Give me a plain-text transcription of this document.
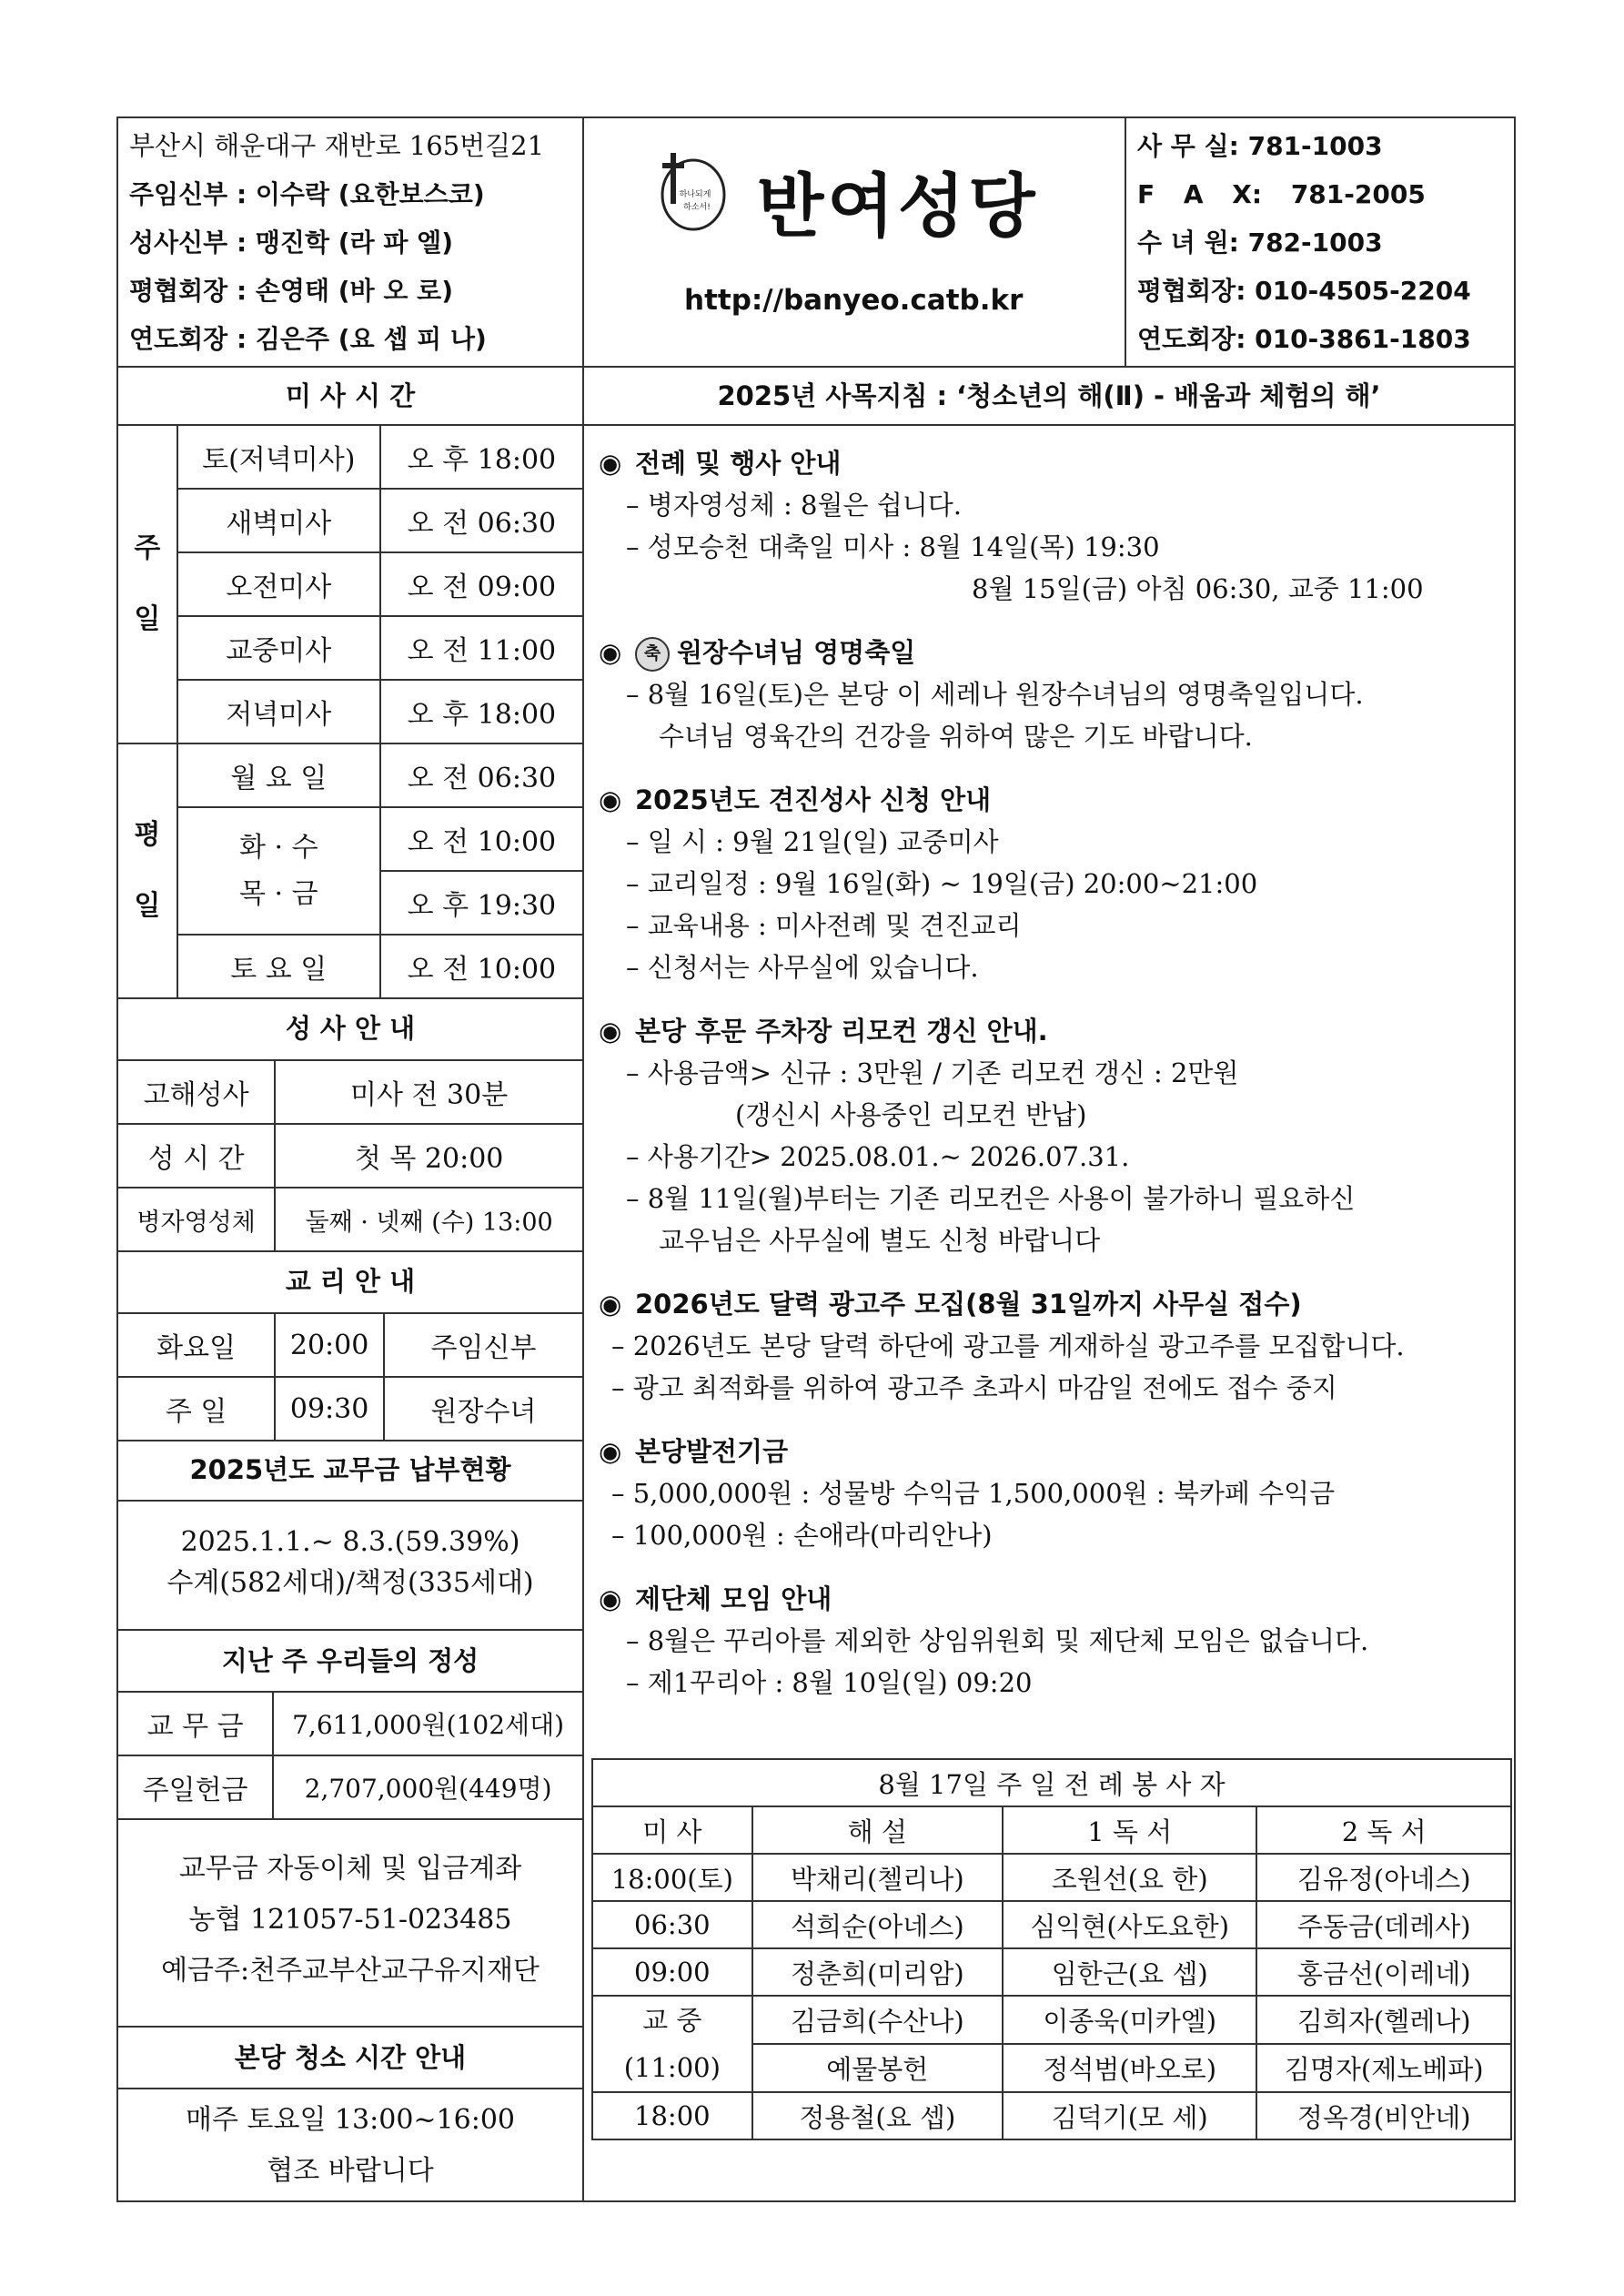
부산시 해운대구 재반로 165번길21
주임신부 : 이수락 (요한보스코)
성사신부 : 맹진학 (라 파 엘)
평협회장 : 손영태 (바 오 로)
연도회장 : 김은주 (요 셉 피 나)
하나되게
하소서! 반여성당
http://banyeo.catb.kr
사 무 실: 781-1003
F A X: 781-2005
수 녀 원: 782-1003
평협회장: 010-4505-2204
연도회장: 010-3861-1803
미 사 시 간	2025년 사목지침 : ‘청소년의 해(Ⅱ) - 배움과 체험의 해’
주
일	토(저녁미사)	오 후 18:00
	새벽미사	오 전 06:30
	오전미사	오 전 09:00
	교중미사	오 전 11:00
	저녁미사	오 후 18:00

평
일	월 요 일	오 전 06:30

	화 · 수
목 · 금	오 전 10:00
		오 후 19:30
	토 요 일	오 전 10:00
성 사 안 내
고해성사	미사 전 30분
성 시 간	첫 목 20:00
병자영성체	둘째 · 넷째 (수) 13:00
교 리 안 내
화요일	20:00	주임신부
주 일	09:30	원장수녀
2025년도 교무금 납부현황
2025.1.1.~ 8.3.(59.39%)
수계(582세대)/책정(335세대)
지난 주 우리들의 정성
교 무 금	7,611,000원(102세대)
주일헌금	2,707,000원(449명)
교무금 자동이체 및 입금계좌
농협 121057-51-023485
예금주:천주교부산교구유지재단
본당 청소 시간 안내
매주 토요일 13:00~16:00
협조 바랍니다
◉ 전례 및 행사 안내
– 병자영성체 : 8월은 쉽니다.
– 성모승천 대축일 미사 : 8월 14일(목) 19:30
8월 15일(금) 아침 06:30, 교중 11:00
◉ 축 원장수녀님 영명축일
– 8월 16일(토)은 본당 이 세레나 원장수녀님의 영명축일입니다.
수녀님 영육간의 건강을 위하여 많은 기도 바랍니다.
◉ 2025년도 견진성사 신청 안내
– 일 시 : 9월 21일(일) 교중미사
– 교리일정 : 9월 16일(화) ~ 19일(금) 20:00~21:00
– 교육내용 : 미사전례 및 견진교리
– 신청서는 사무실에 있습니다.
◉ 본당 후문 주차장 리모컨 갱신 안내.
– 사용금액> 신규 : 3만원 / 기존 리모컨 갱신 : 2만원
(갱신시 사용중인 리모컨 반납)
– 사용기간> 2025.08.01.~ 2026.07.31.
– 8월 11일(월)부터는 기존 리모컨은 사용이 불가하니 필요하신
교우님은 사무실에 별도 신청 바랍니다
◉ 2026년도 달력 광고주 모집(8월 31일까지 사무실 접수)
– 2026년도 본당 달력 하단에 광고를 게재하실 광고주를 모집합니다.
– 광고 최적화를 위하여 광고주 초과시 마감일 전에도 접수 중지
◉ 본당발전기금
– 5,000,000원 : 성물방 수익금 1,500,000원 : 북카페 수익금
– 100,000원 : 손애라(마리안나)
◉ 제단체 모임 안내
– 8월은 꾸리아를 제외한 상임위원회 및 제단체 모임은 없습니다.
– 제1꾸리아 : 8월 10일(일) 09:20
8월 17일 주 일 전 례 봉 사 자			
미 사	해 설	1 독 서	2 독 서
18:00(토)	박채리(첼리나)	조원선(요 한)	김유정(아네스)
06:30	석희순(아네스)	심익현(사도요한)	주동금(데레사)
09:00	정춘희(미리암)	임한근(요 셉)	홍금선(이레네)

교 중
(11:00)	김금희(수산나)	이종욱(미카엘)	김희자(헬레나)
	예물봉헌	정석범(바오로)	김명자(제노베파)
18:00	정용철(요 셉)	김덕기(모 세)	정옥경(비안네)
